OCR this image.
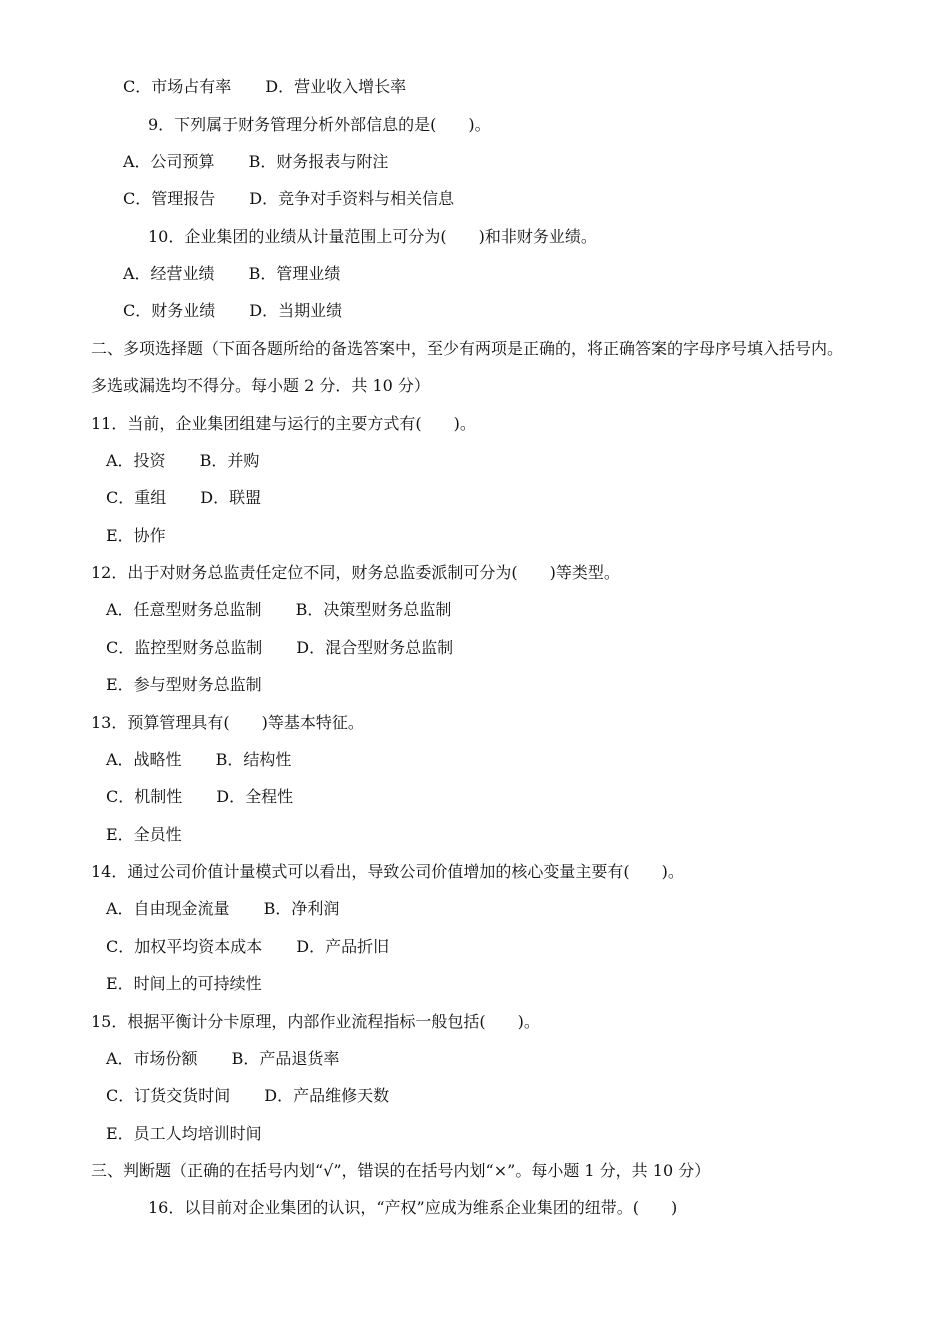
C．市场占有率 D．营业收入增长率
9．下列属于财务管理分析外部信息的是(　　)。
A．公司预算 B．财务报表与附注
C．管理报告 D．竞争对手资料与相关信息
10．企业集团的业绩从计量范围上可分为(　　)和非财务业绩。
A．经营业绩 B．管理业绩
C．财务业绩 D．当期业绩
二、多项选择题（下面各题所给的备选答案中，至少有两项是正确的，将正确答案的字母序号填入括号内。
多选或漏选均不得分。每小题 2 分．共 10 分）
11．当前，企业集团组建与运行的主要方式有(　　)。
A．投资 B．并购
C．重组 D．联盟
E．协作
12．出于对财务总监责任定位不同，财务总监委派制可分为(　　)等类型。
A．任意型财务总监制 B．决策型财务总监制
C．监控型财务总监制 D．混合型财务总监制
E．参与型财务总监制
13．预算管理具有(　　)等基本特征。
A．战略性 B．结构性
C．机制性 D．全程性
E．全员性
14．通过公司价值计量模式可以看出，导致公司价值增加的核心变量主要有(　　)。
A．自由现金流量 B．净利润
C．加权平均资本成本 D．产品折旧
E．时间上的可持续性
15．根据平衡计分卡原理，内部作业流程指标一般包括(　　)。
A．市场份额 B．产品退货率
C．订货交货时间 D．产品维修天数
E．员工人均培训时间
三、判断题（正确的在括号内划“√”，错误的在括号内划“×”。每小题 1 分，共 10 分）
16．以目前对企业集团的认识，“产权”应成为维系企业集团的纽带。(　　)
